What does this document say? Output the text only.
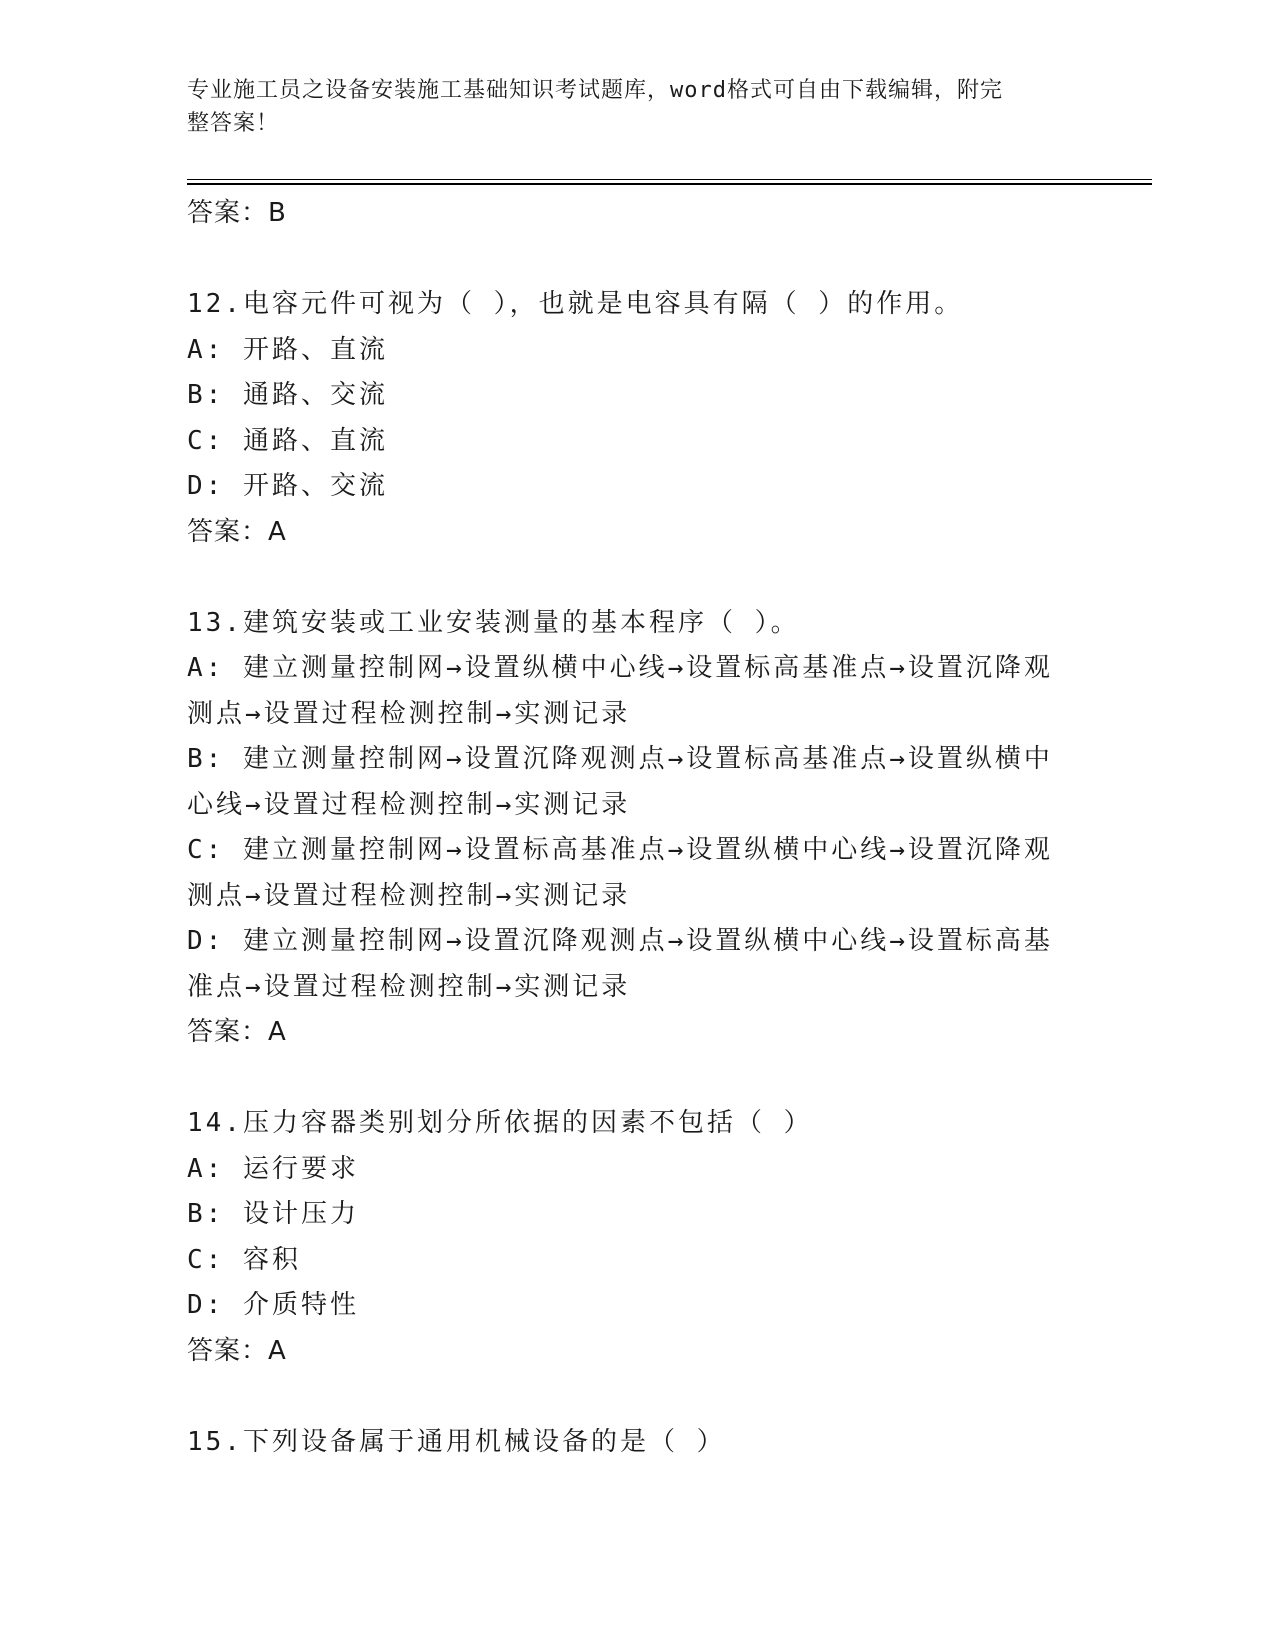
专业施工员之设备安装施工基础知识考试题库，word格式可自由下载编辑，附完
整答案！
答案：B
12.电容元件可视为（ ），也就是电容具有隔（ ）的作用。
A: 开路、直流
B: 通路、交流
C: 通路、直流
D: 开路、交流
答案：A
13.建筑安装或工业安装测量的基本程序（ ）。
A: 建立测量控制网→设置纵横中心线→设置标高基准点→设置沉降观
测点→设置过程检测控制→实测记录
B: 建立测量控制网→设置沉降观测点→设置标高基准点→设置纵横中
心线→设置过程检测控制→实测记录
C: 建立测量控制网→设置标高基准点→设置纵横中心线→设置沉降观
测点→设置过程检测控制→实测记录
D: 建立测量控制网→设置沉降观测点→设置纵横中心线→设置标高基
准点→设置过程检测控制→实测记录
答案：A
14.压力容器类别划分所依据的因素不包括（ ）
A: 运行要求
B: 设计压力
C: 容积
D: 介质特性
答案：A
15.下列设备属于通用机械设备的是（ ）
